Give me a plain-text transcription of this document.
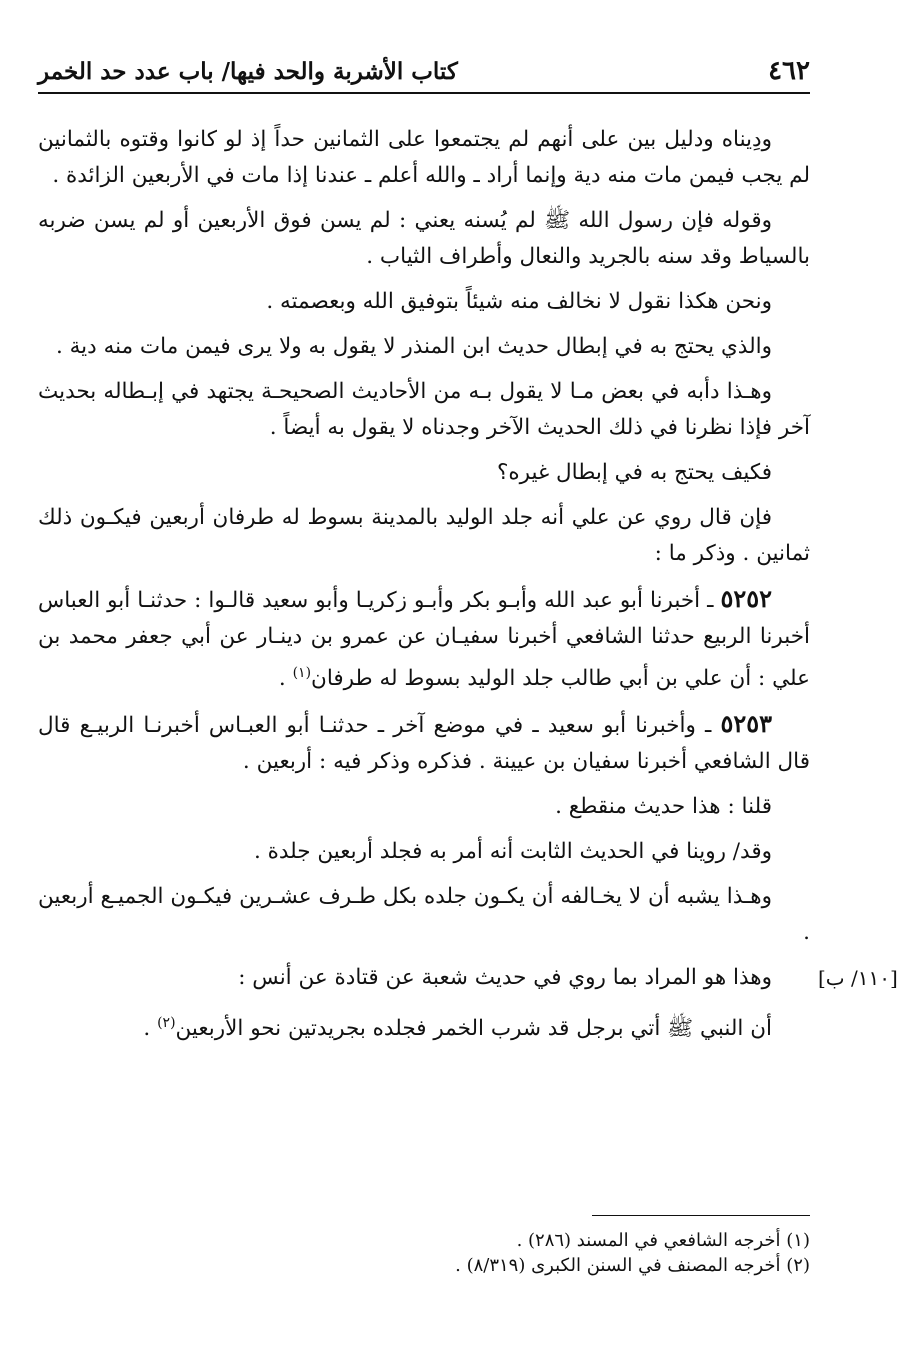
٤٦٢
كتاب الأشربة والحد فيها/ باب عدد حد الخمر
[١١٠/ ب]

ودِيناه ودليل بين على أنهم لم يجتمعوا على الثمانين حداً إذ لو كانوا وقتوه بالثمانين لم يجب فيمن مات منه دية وإنما أراد ـ والله أعلم ـ عندنا إذا مات في الأربعين الزائدة .

وقوله فإن رسول الله ﷺ لم يُسنه يعني : لم يسن فوق الأربعين أو لم يسن ضربه بالسياط وقد سنه بالجريد والنعال وأطراف الثياب .

ونحن هكذا نقول لا نخالف منه شيئاً بتوفيق الله وبعصمته .

والذي يحتج به في إبطال حديث ابن المنذر لا يقول به ولا يرى فيمن مات منه دية .

وهـذا دأبه في بعض مـا لا يقول بـه من الأحاديث الصحيحـة يجتهد في إبـطاله بحديث آخر فإذا نظرنا في ذلك الحديث الآخر وجدناه لا يقول به أيضاً .

فكيف يحتج به في إبطال غيره؟

فإن قال روي عن علي أنه جلد الوليد بالمدينة بسوط له طرفان أربعين فيكـون ذلك ثمانين . وذكر ما :

٥٢٥٢ ـ أخبرنا أبو عبد الله وأبـو بكر وأبـو زكريـا وأبو سعيد قالـوا : حدثنـا أبو العباس أخبرنا الربيع حدثنا الشافعي أخبرنا سفيـان عن عمرو بن دينـار عن أبي جعفر محمد بن علي : أن علي بن أبي طالب جلد الوليد بسوط له طرفان$^{(١)}$ .

٥٢٥٣ ـ وأخبرنا أبو سعيد ـ في موضع آخر ـ حدثنـا أبو العبـاس أخبرنـا الربيـع قال قال الشافعي أخبرنا سفيان بن عيينة . فذكره وذكر فيه : أربعين .

قلنا : هذا حديث منقطع .

وقد/ روينا في الحديث الثابت أنه أمر به فجلد أربعين جلدة .

وهـذا يشبه أن لا يخـالفه أن يكـون جلده بكل طـرف عشـرين فيكـون الجميـع أربعين .

وهذا هو المراد بما روي في حديث شعبة عن قتادة عن أنس :

أن النبي ﷺ أتي برجل قد شرب الخمر فجلده بجريدتين نحو الأربعين$^{(٢)}$ .

(١) أخرجه الشافعي في المسند (٢٨٦) .

(٢) أخرجه المصنف في السنن الكبرى (٨/٣١٩) .
